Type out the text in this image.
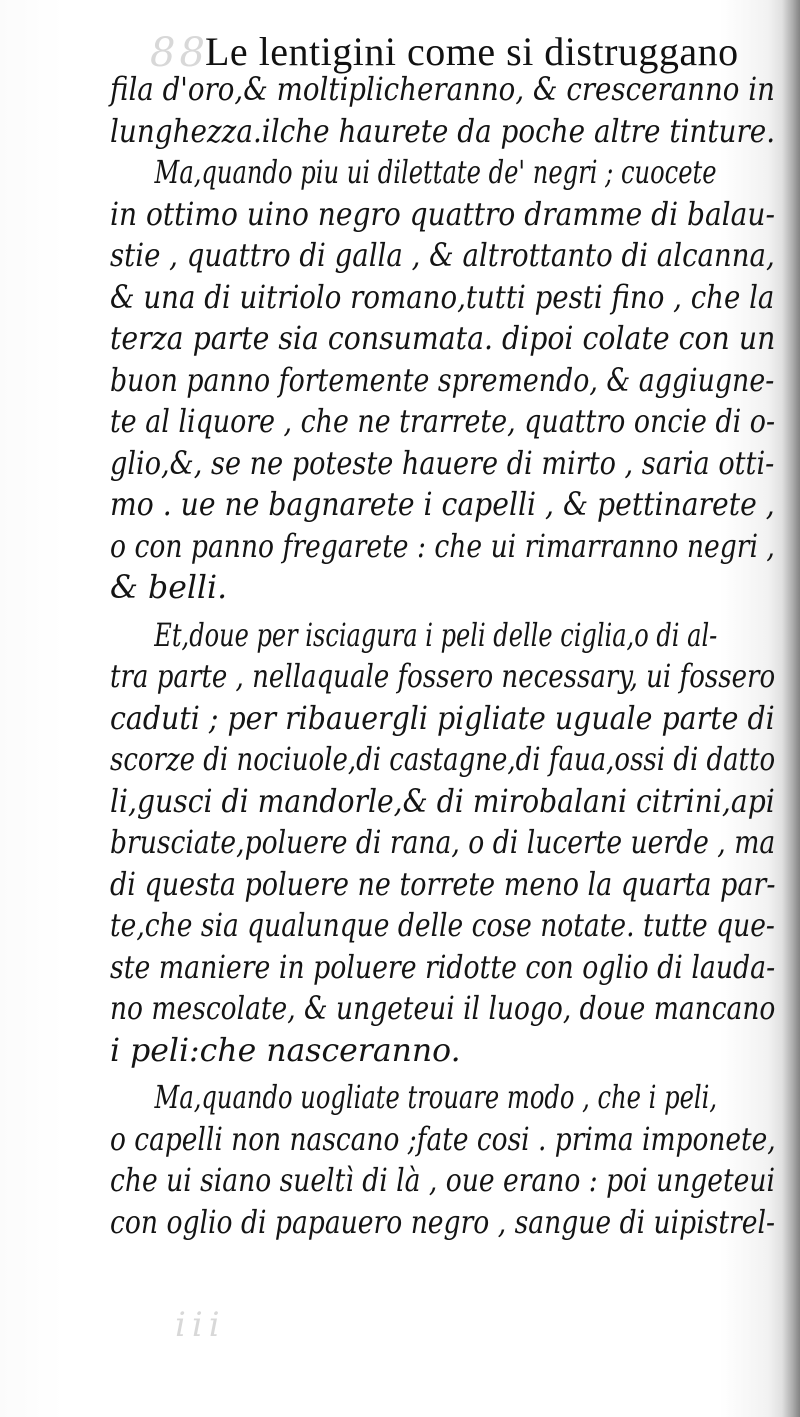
88
iii
Le lentigini come si distruggano
fila d'oro,& moltiplicheranno, & cresceranno in
lunghezza.ilche haurete da poche altre tinture.
Ma,quando piu ui dilettate de' negri ; cuocete
in ottimo uino negro quattro dramme di balau-
stie , quattro di galla , & altrottanto di alcanna,
& una di uitriolo romano,tutti pesti fino , che la
terza parte sia consumata. dipoi colate con un
buon panno fortemente spremendo, & aggiugne-
te al liquore , che ne trarrete, quattro oncie di o-
glio,&, se ne poteste hauere di mirto , saria otti-
mo . ue ne bagnarete i capelli , & pettinarete ,
o con panno fregarete : che ui rimarranno negri ,
& belli.
Et,doue per isciagura i peli delle ciglia,o di al-
tra parte , nellaquale fossero necessary, ui fossero
caduti ; per ribauergli pigliate uguale parte di
scorze di nociuole,di castagne,di faua,ossi di datto
li,gusci di mandorle,& di mirobalani citrini,api
brusciate,poluere di rana, o di lucerte uerde , ma
di questa poluere ne torrete meno la quarta par-
te,che sia qualunque delle cose notate. tutte que-
ste maniere in poluere ridotte con oglio di lauda-
no mescolate, & ungeteui il luogo, doue mancano
i peli:che nasceranno.
Ma,quando uogliate trouare modo , che i peli,
o capelli non nascano ;fate cosi . prima imponete,
che ui siano sueltì di là , oue erano : poi ungeteui
con oglio di papauero negro , sangue di uipistrel-
